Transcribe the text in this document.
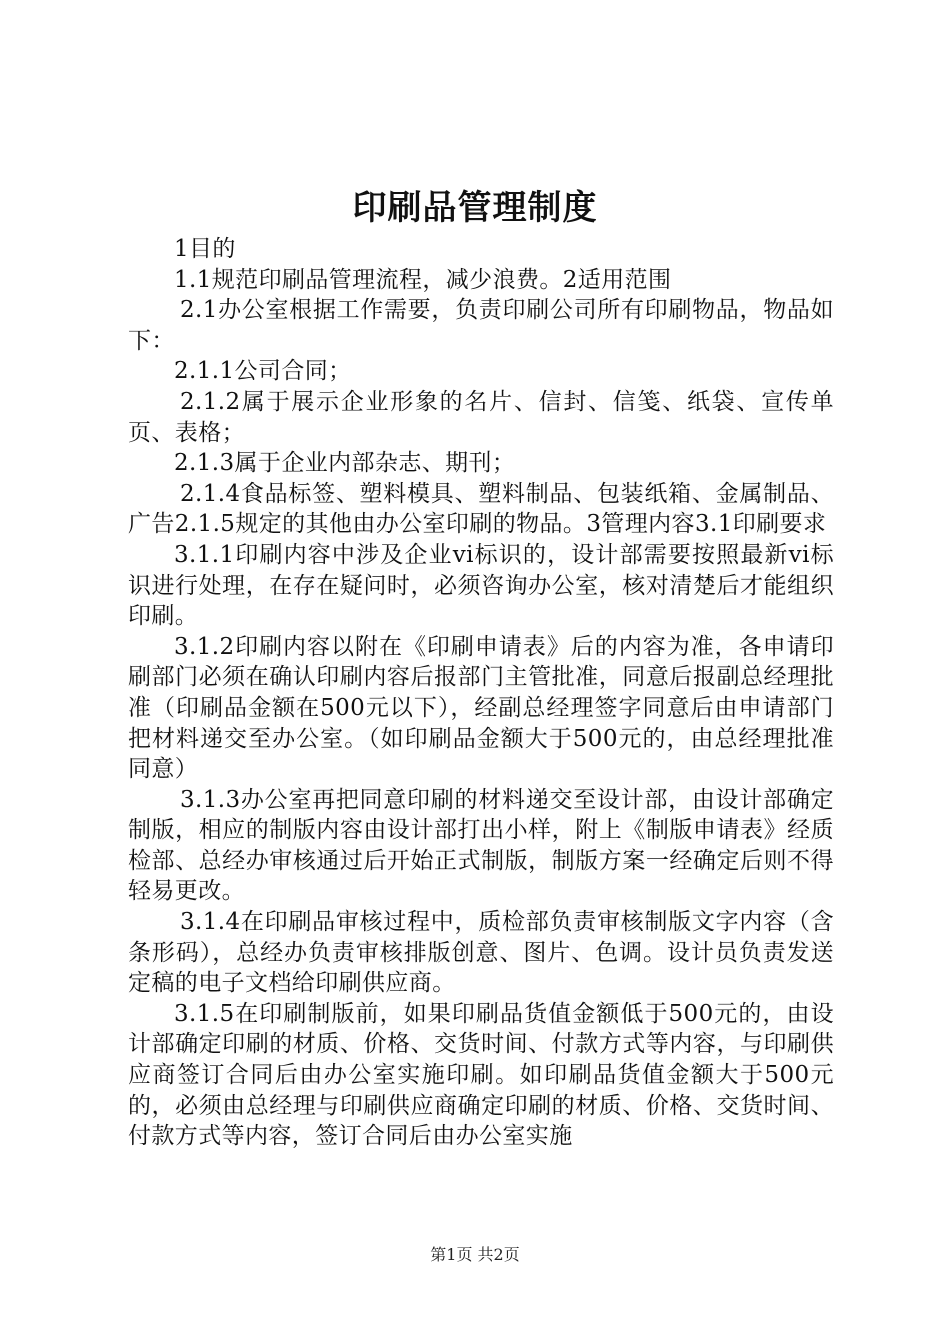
印刷品管理制度

1目的

1.1规范印刷品管理流程，减少浪费。2适用范围

2.1办公室根据工作需要，负责印刷公司所有印刷物品，物品如下：

2.1.1公司合同；

2.1.2属于展示企业形象的名片、信封、信笺、纸袋、宣传单页、表格；

2.1.3属于企业内部杂志、期刊；

2.1.4食品标签、塑料模具、塑料制品、包装纸箱、金属制品、广告2.1.5规定的其他由办公室印刷的物品。3管理内容3.1印刷要求

3.1.1印刷内容中涉及企业vi标识的，设计部需要按照最新vi标识进行处理，在存在疑问时，必须咨询办公室，核对清楚后才能组织印刷。

3.1.2印刷内容以附在《印刷申请表》后的内容为准，各申请印刷部门必须在确认印刷内容后报部门主管批准，同意后报副总经理批准（印刷品金额在500元以下），经副总经理签字同意后由申请部门把材料递交至办公室。（如印刷品金额大于500元的，由总经理批准同意）

3.1.3办公室再把同意印刷的材料递交至设计部，由设计部确定制版，相应的制版内容由设计部打出小样，附上《制版申请表》经质检部、总经办审核通过后开始正式制版，制版方案一经确定后则不得轻易更改。

3.1.4在印刷品审核过程中，质检部负责审核制版文字内容（含条形码），总经办负责审核排版创意、图片、色调。设计员负责发送定稿的电子文档给印刷供应商。

3.1.5在印刷制版前，如果印刷品货值金额低于500元的，由设计部确定印刷的材质、价格、交货时间、付款方式等内容，与印刷供应商签订合同后由办公室实施印刷。如印刷品货值金额大于500元的，必须由总经理与印刷供应商确定印刷的材质、价格、交货时间、付款方式等内容，签订合同后由办公室实施

第1页 共2页
